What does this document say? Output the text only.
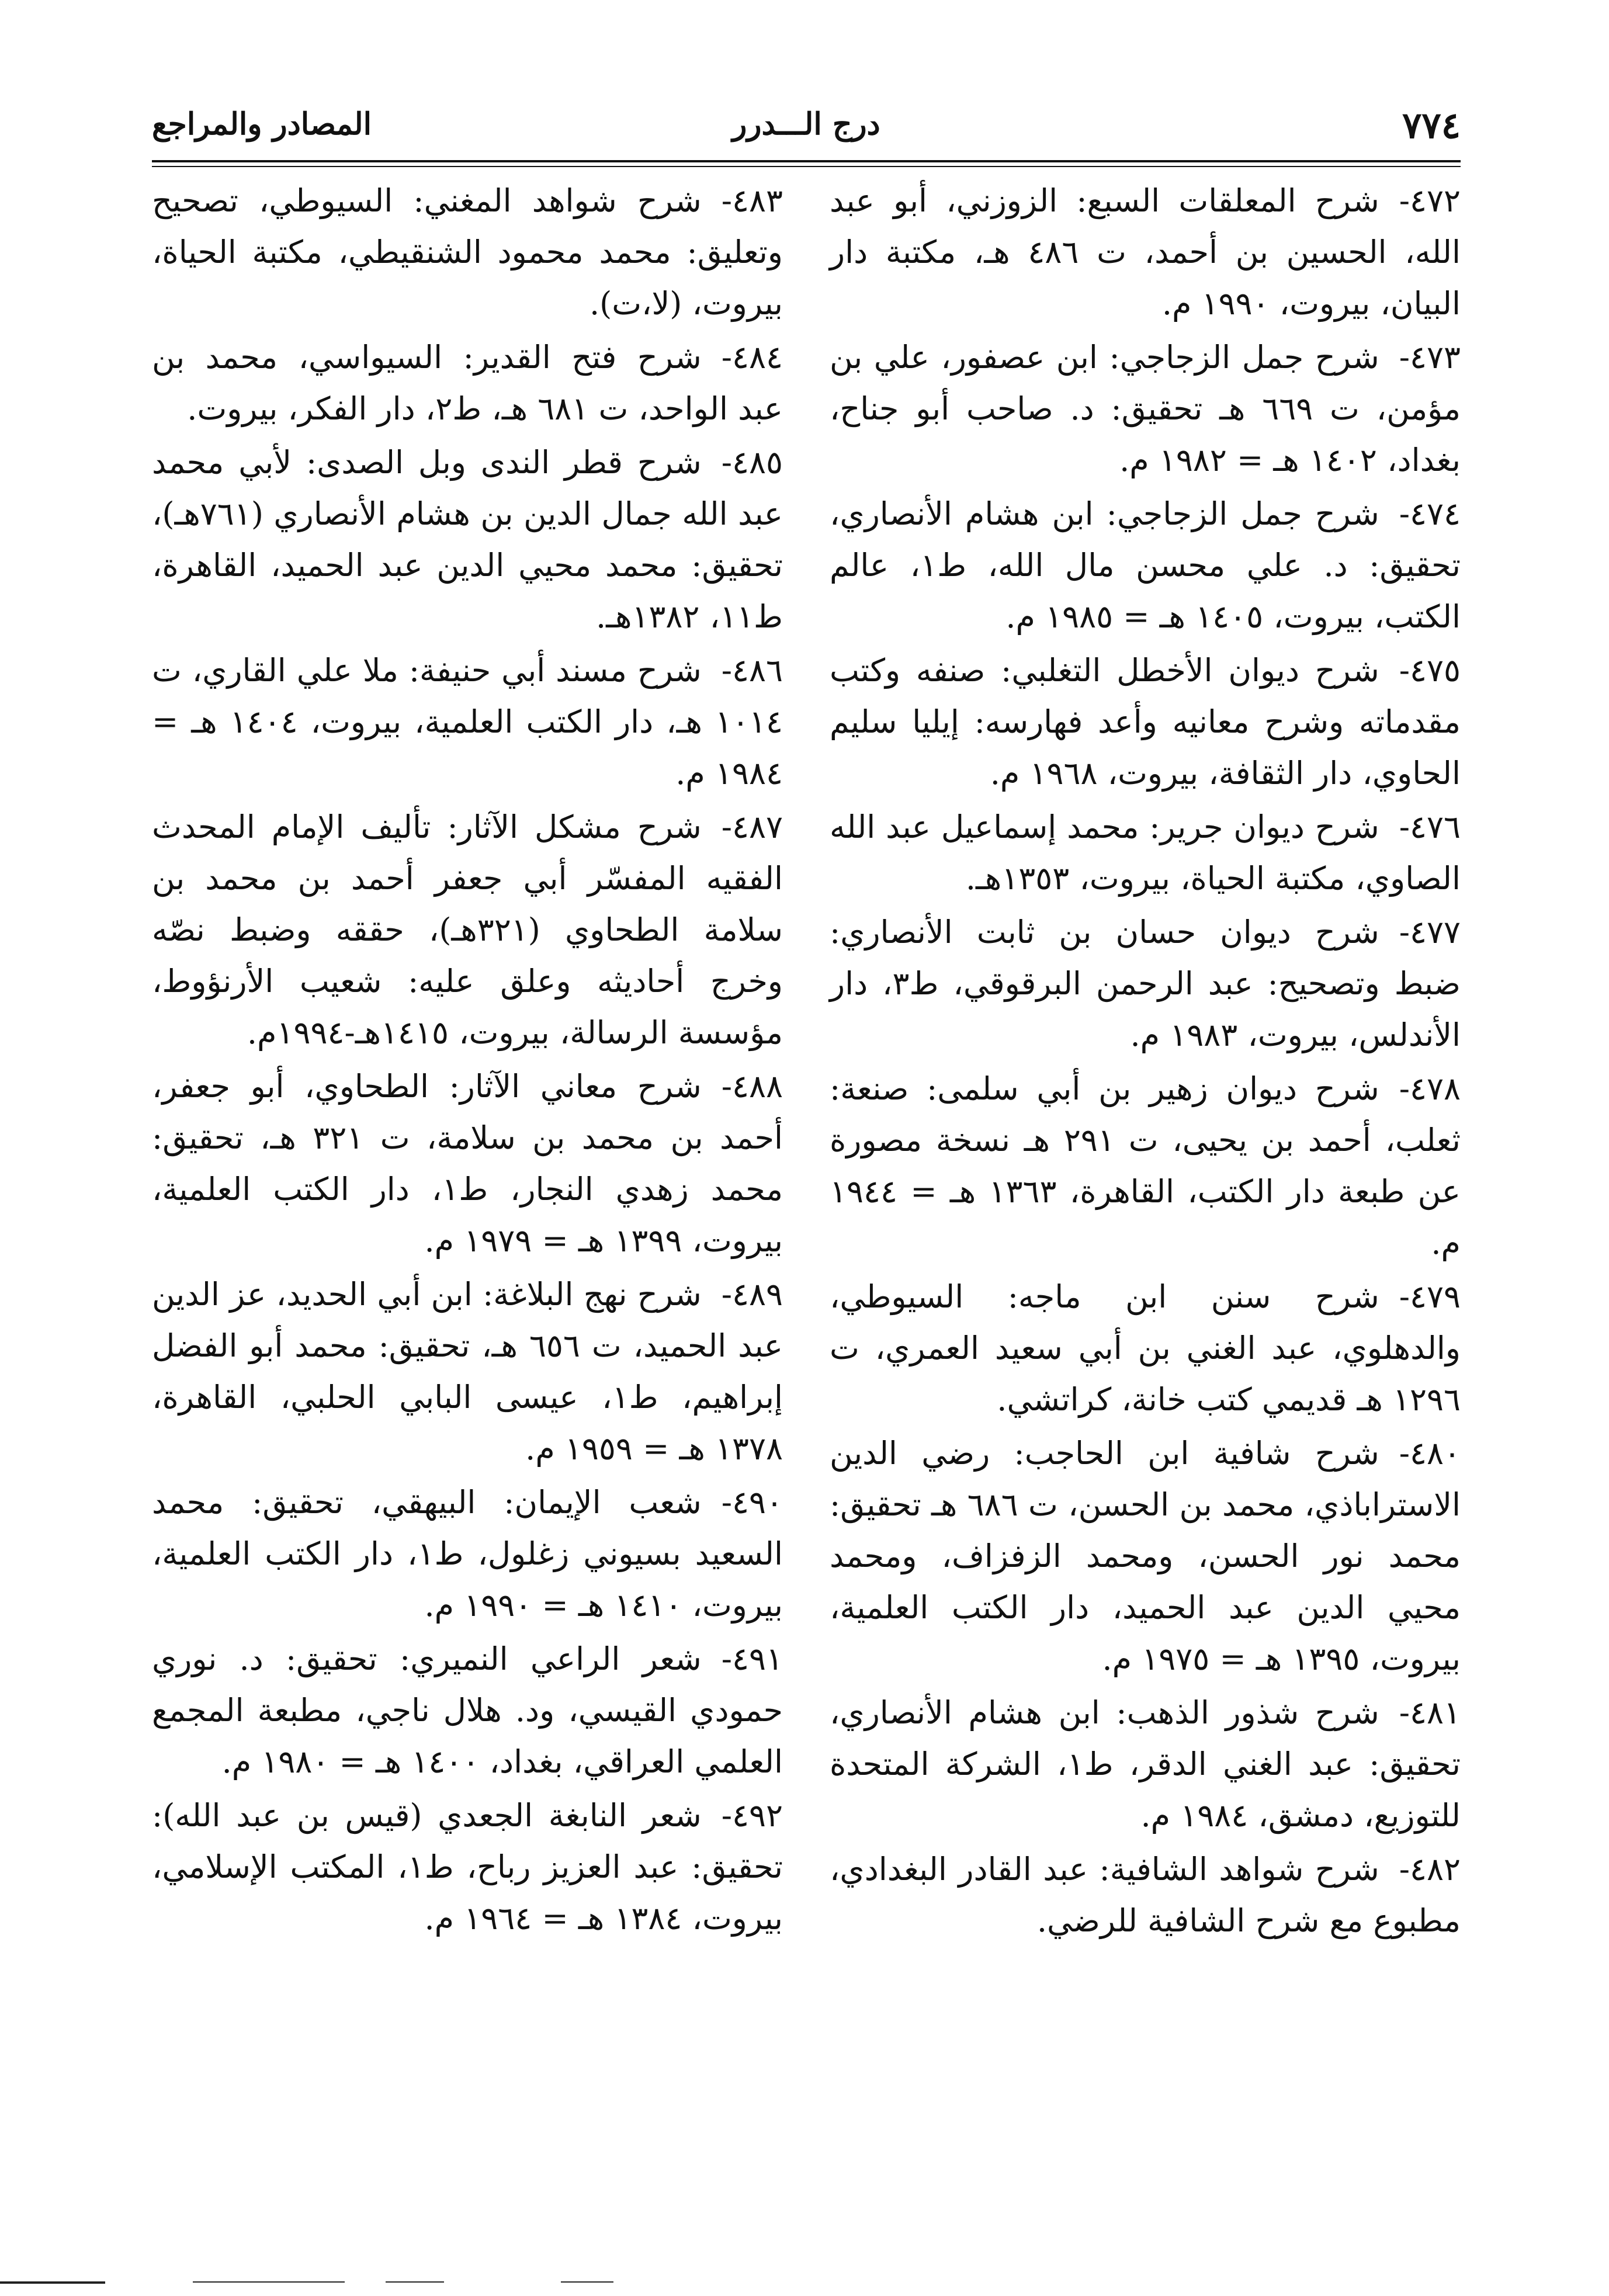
٧٧٤
درج الـــدرر
المصادر والمراجع

٤٧٢-شرح المعلقات السبع: الزوزني، أبو عبد الله، الحسين بن أحمد، ت ٤٨٦ هـ، مكتبة دار البيان، بيروت، ١٩٩٠ م.

٤٧٣-شرح جمل الزجاجي: ابن عصفور، علي بن مؤمن، ت ٦٦٩ هـ تحقيق: د. صاحب أبو جناح، بغداد، ١٤٠٢ هـ = ١٩٨٢ م.

٤٧٤-شرح جمل الزجاجي: ابن هشام الأنصاري، تحقيق: د. علي محسن مال الله، ط١، عالم الكتب، بيروت، ١٤٠٥ هـ = ١٩٨٥ م.

٤٧٥-شرح ديوان الأخطل التغلبي: صنفه وكتب مقدماته وشرح معانيه وأعد فهارسه: إيليا سليم الحاوي، دار الثقافة، بيروت، ١٩٦٨ م.

٤٧٦-شرح ديوان جرير: محمد إسماعيل عبد الله الصاوي، مكتبة الحياة، بيروت، ١٣٥٣هـ.

٤٧٧-شرح ديوان حسان بن ثابت الأنصاري: ضبط وتصحيح: عبد الرحمن البرقوقي، ط٣، دار الأندلس، بيروت، ١٩٨٣ م.

٤٧٨-شرح ديوان زهير بن أبي سلمى: صنعة: ثعلب، أحمد بن يحيى، ت ٢٩١ هـ نسخة مصورة عن طبعة دار الكتب، القاهرة، ١٣٦٣ هـ = ١٩٤٤ م.

٤٧٩-شرح سنن ابن ماجه: السيوطي، والدهلوي، عبد الغني بن أبي سعيد العمري، ت ١٢٩٦ هـ قديمي كتب خانة، كراتشي.

٤٨٠-شرح شافية ابن الحاجب: رضي الدين الاستراباذي، محمد بن الحسن، ت ٦٨٦ هـ تحقيق: محمد نور الحسن، ومحمد الزفزاف، ومحمد محيي الدين عبد الحميد، دار الكتب العلمية، بيروت، ١٣٩٥ هـ = ١٩٧٥ م.

٤٨١-شرح شذور الذهب: ابن هشام الأنصاري، تحقيق: عبد الغني الدقر، ط١، الشركة المتحدة للتوزيع، دمشق، ١٩٨٤ م.

٤٨٢-شرح شواهد الشافية: عبد القادر البغدادي، مطبوع مع شرح الشافية للرضي.

٤٨٣-شرح شواهد المغني: السيوطي، تصحيح وتعليق: محمد محمود الشنقيطي، مكتبة الحياة، بيروت، (لا،ت).

٤٨٤-شرح فتح القدير: السيواسي، محمد بن عبد الواحد، ت ٦٨١ هـ، ط٢، دار الفكر، بيروت.

٤٨٥-شرح قطر الندى وبل الصدى: لأبي محمد عبد الله جمال الدين بن هشام الأنصاري (٧٦١هـ)، تحقيق: محمد محيي الدين عبد الحميد، القاهرة، ط١١، ١٣٨٢هـ.

٤٨٦-شرح مسند أبي حنيفة: ملا علي القاري، ت ١٠١٤ هـ، دار الكتب العلمية، بيروت، ١٤٠٤ هـ = ١٩٨٤ م.

٤٨٧-شرح مشكل الآثار: تأليف الإمام المحدث الفقيه المفسّر أبي جعفر أحمد بن محمد بن سلامة الطحاوي (٣٢١هـ)، حققه وضبط نصّه وخرج أحاديثه وعلق عليه: شعيب الأرنؤوط، مؤسسة الرسالة، بيروت، ١٤١٥هـ-١٩٩٤م.

٤٨٨-شرح معاني الآثار: الطحاوي، أبو جعفر، أحمد بن محمد بن سلامة، ت ٣٢١ هـ، تحقيق: محمد زهدي النجار، ط١، دار الكتب العلمية، بيروت، ١٣٩٩ هـ = ١٩٧٩ م.

٤٨٩-شرح نهج البلاغة: ابن أبي الحديد، عز الدين عبد الحميد، ت ٦٥٦ هـ، تحقيق: محمد أبو الفضل إبراهيم، ط١، عيسى البابي الحلبي، القاهرة، ١٣٧٨ هـ = ١٩٥٩ م.

٤٩٠-شعب الإيمان: البيهقي، تحقيق: محمد السعيد بسيوني زغلول، ط١، دار الكتب العلمية، بيروت، ١٤١٠ هـ = ١٩٩٠ م.

٤٩١-شعر الراعي النميري: تحقيق: د. نوري حمودي القيسي، ود. هلال ناجي، مطبعة المجمع العلمي العراقي، بغداد، ١٤٠٠ هـ = ١٩٨٠ م.

٤٩٢-شعر النابغة الجعدي (قيس بن عبد الله): تحقيق: عبد العزيز رباح، ط١، المكتب الإسلامي، بيروت، ١٣٨٤ هـ = ١٩٦٤ م.
